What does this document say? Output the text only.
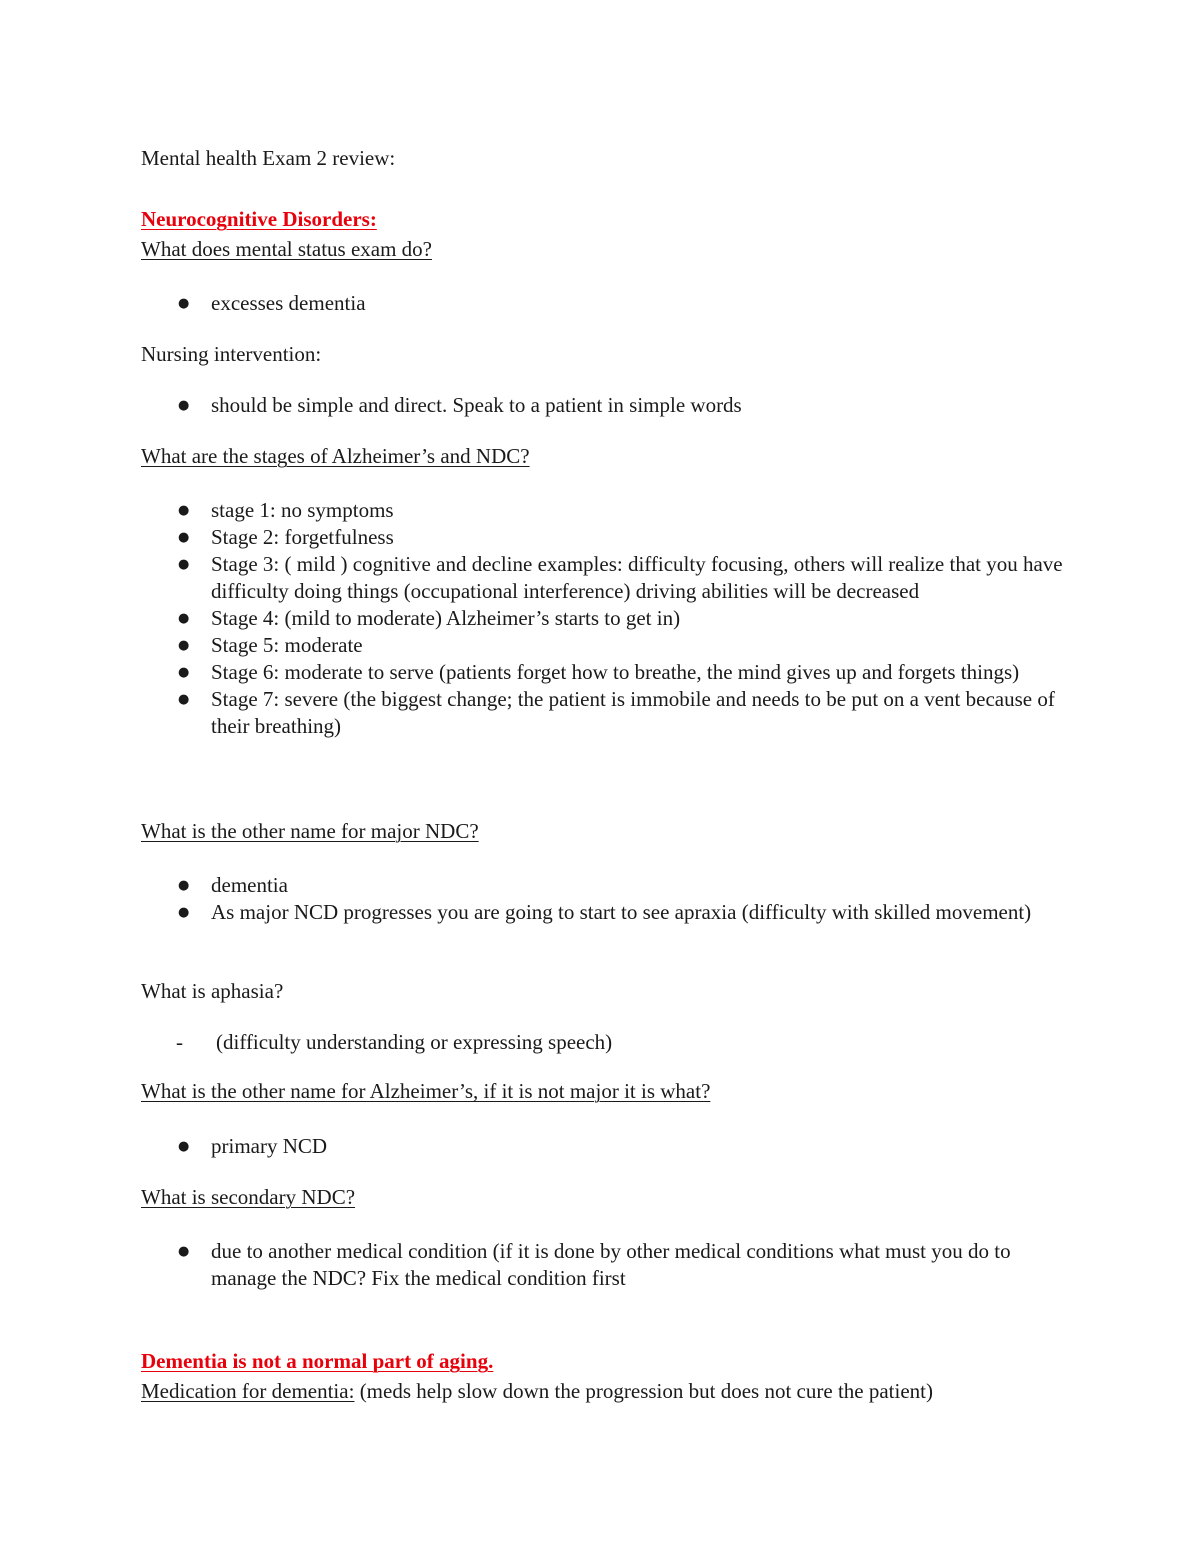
Mental health Exam 2 review:
Neurocognitive Disorders:
What does mental status exam do?
● excesses dementia
Nursing intervention:
● should be simple and direct. Speak to a patient in simple words
What are the stages of Alzheimer’s and NDC?
● stage 1: no symptoms
● Stage 2: forgetfulness
● Stage 3: ( mild ) cognitive and decline examples: difficulty focusing, others will realize that you have difficulty doing things (occupational interference) driving abilities will be decreased
● Stage 4: (mild to moderate) Alzheimer’s starts to get in)
● Stage 5: moderate
● Stage 6: moderate to serve (patients forget how to breathe, the mind gives up and forgets things)
● Stage 7: severe (the biggest change; the patient is immobile and needs to be put on a vent because of their breathing)
What is the other name for major NDC?
● dementia
● As major NCD progresses you are going to start to see apraxia (difficulty with skilled movement)
What is aphasia?
- (difficulty understanding or expressing speech)
What is the other name for Alzheimer’s, if it is not major it is what?
● primary NCD
What is secondary NDC?
● due to another medical condition (if it is done by other medical conditions what must you do to manage the NDC? Fix the medical condition first
Dementia is not a normal part of aging.
Medication for dementia: (meds help slow down the progression but does not cure the patient)
